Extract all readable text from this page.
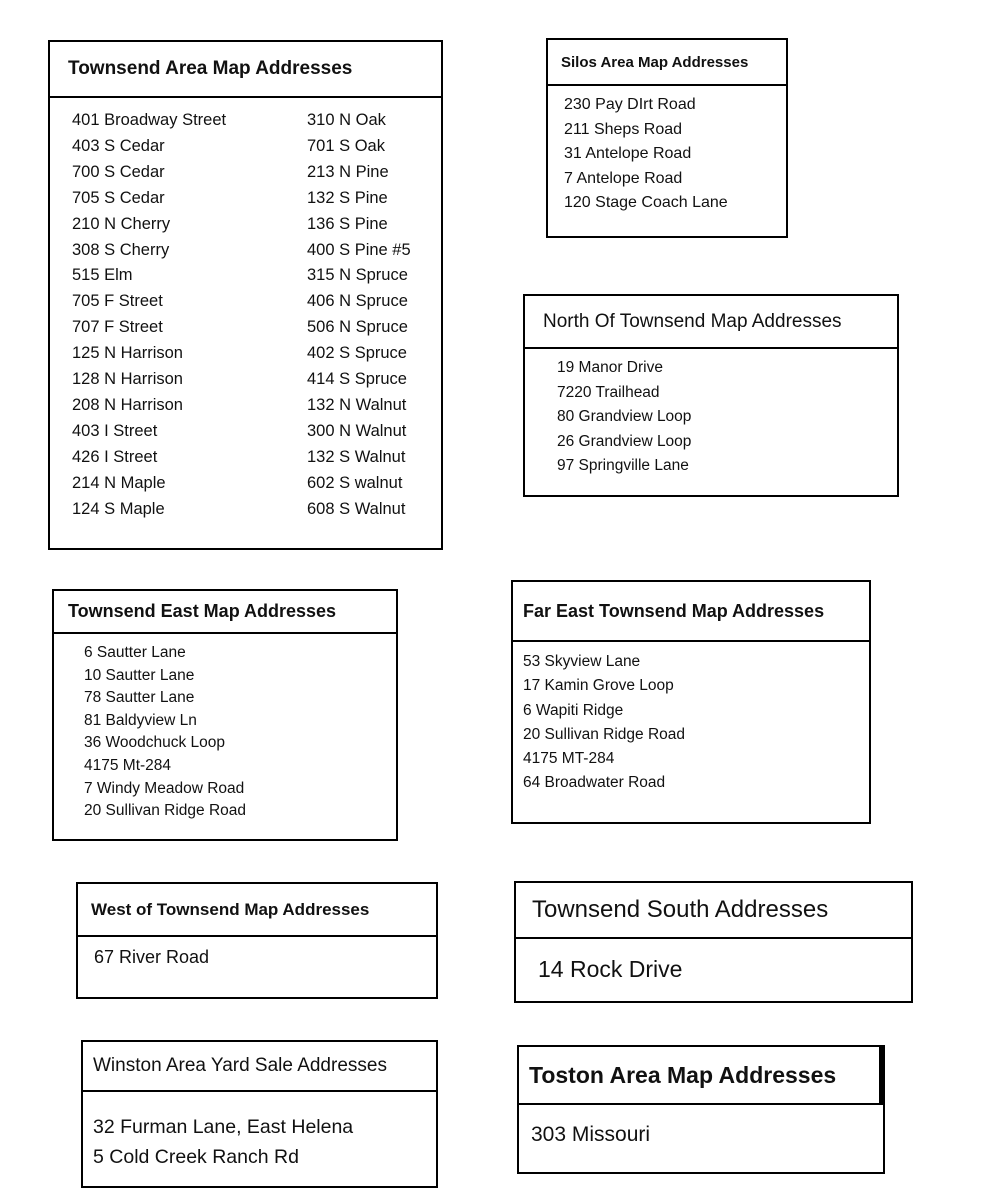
Townsend Area Map Addresses
401 Broadway Street
403 S Cedar
700 S Cedar
705 S Cedar
210 N Cherry
308 S Cherry
515 Elm
705 F Street
707 F Street
125 N Harrison
128 N Harrison
208 N Harrison
403 I Street
426 I Street
214 N Maple
124 S Maple
310 N Oak
701 S Oak
213 N Pine
132 S Pine
136 S Pine
400 S Pine #5
315 N Spruce
406 N Spruce
506 N Spruce
402 S Spruce
414 S Spruce
132 N Walnut
300 N Walnut
132 S Walnut
602 S walnut
608 S Walnut
Silos Area Map Addresses
230 Pay DIrt Road
211 Sheps Road
31 Antelope Road
7 Antelope Road
120 Stage Coach Lane
North Of Townsend Map Addresses
19 Manor Drive
7220 Trailhead
80 Grandview Loop
26 Grandview Loop
97 Springville Lane
Townsend East Map Addresses
6 Sautter Lane
10 Sautter Lane
78 Sautter Lane
81 Baldyview Ln
36 Woodchuck Loop
4175 Mt-284
7 Windy Meadow Road
20 Sullivan Ridge Road
Far East Townsend Map Addresses
53 Skyview Lane
17 Kamin Grove Loop
6 Wapiti Ridge
20 Sullivan Ridge Road
4175 MT-284
64 Broadwater Road
West of Townsend Map Addresses
67 River Road
Townsend South Addresses
14 Rock Drive
Winston Area Yard Sale Addresses
32 Furman Lane, East Helena
5 Cold Creek Ranch Rd
Toston Area Map Addresses
303 Missouri
